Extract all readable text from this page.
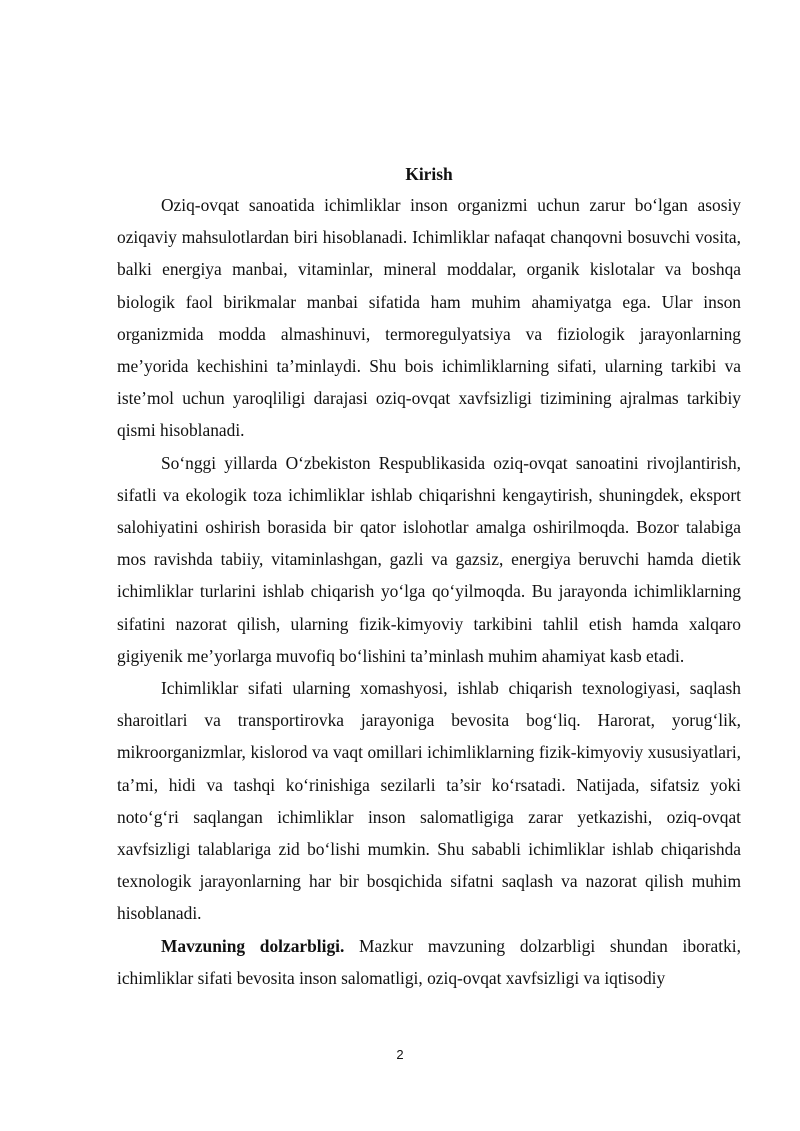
Kirish

Oziq-ovqat sanoatida ichimliklar inson organizmi uchun zarur boʻlgan asosiy oziqaviy mahsulotlardan biri hisoblanadi. Ichimliklar nafaqat chanqovni bosuvchi vosita, balki energiya manbai, vitaminlar, mineral moddalar, organik kislotalar va boshqa biologik faol birikmalar manbai sifatida ham muhim ahamiyatga ega. Ular inson organizmida modda almashinuvi, termoregulyatsiya va fiziologik jarayonlarning me’yorida kechishini ta’minlaydi. Shu bois ichimliklarning sifati, ularning tarkibi va iste’mol uchun yaroqliligi darajasi oziq-ovqat xavfsizligi tizimining ajralmas tarkibiy qismi hisoblanadi.

Soʻnggi yillarda Oʻzbekiston Respublikasida oziq-ovqat sanoatini rivojlantirish, sifatli va ekologik toza ichimliklar ishlab chiqarishni kengaytirish, shuningdek, eksport salohiyatini oshirish borasida bir qator islohotlar amalga oshirilmoqda. Bozor talabiga mos ravishda tabiiy, vitaminlashgan, gazli va gazsiz, energiya beruvchi hamda dietik ichimliklar turlarini ishlab chiqarish yoʻlga qoʻyilmoqda. Bu jarayonda ichimliklarning sifatini nazorat qilish, ularning fizik-kimyoviy tarkibini tahlil etish hamda xalqaro gigiyenik me’yorlarga muvofiq boʻlishini ta’minlash muhim ahamiyat kasb etadi.

Ichimliklar sifati ularning xomashyosi, ishlab chiqarish texnologiyasi, saqlash sharoitlari va transportirovka jarayoniga bevosita bogʻliq. Harorat, yorugʻlik, mikroorganizmlar, kislorod va vaqt omillari ichimliklarning fizik-kimyoviy xususiyatlari, ta’mi, hidi va tashqi koʻrinishiga sezilarli ta’sir koʻrsatadi. Natijada, sifatsiz yoki notoʻgʻri saqlangan ichimliklar inson salomatligiga zarar yetkazishi, oziq-ovqat xavfsizligi talablariga zid boʻlishi mumkin. Shu sababli ichimliklar ishlab chiqarishda texnologik jarayonlarning har bir bosqichida sifatni saqlash va nazorat qilish muhim hisoblanadi.

Mavzuning dolzarbligi. Mazkur mavzuning dolzarbligi shundan iboratki, ichimliklar sifati bevosita inson salomatligi, oziq-ovqat xavfsizligi va iqtisodiy

2
